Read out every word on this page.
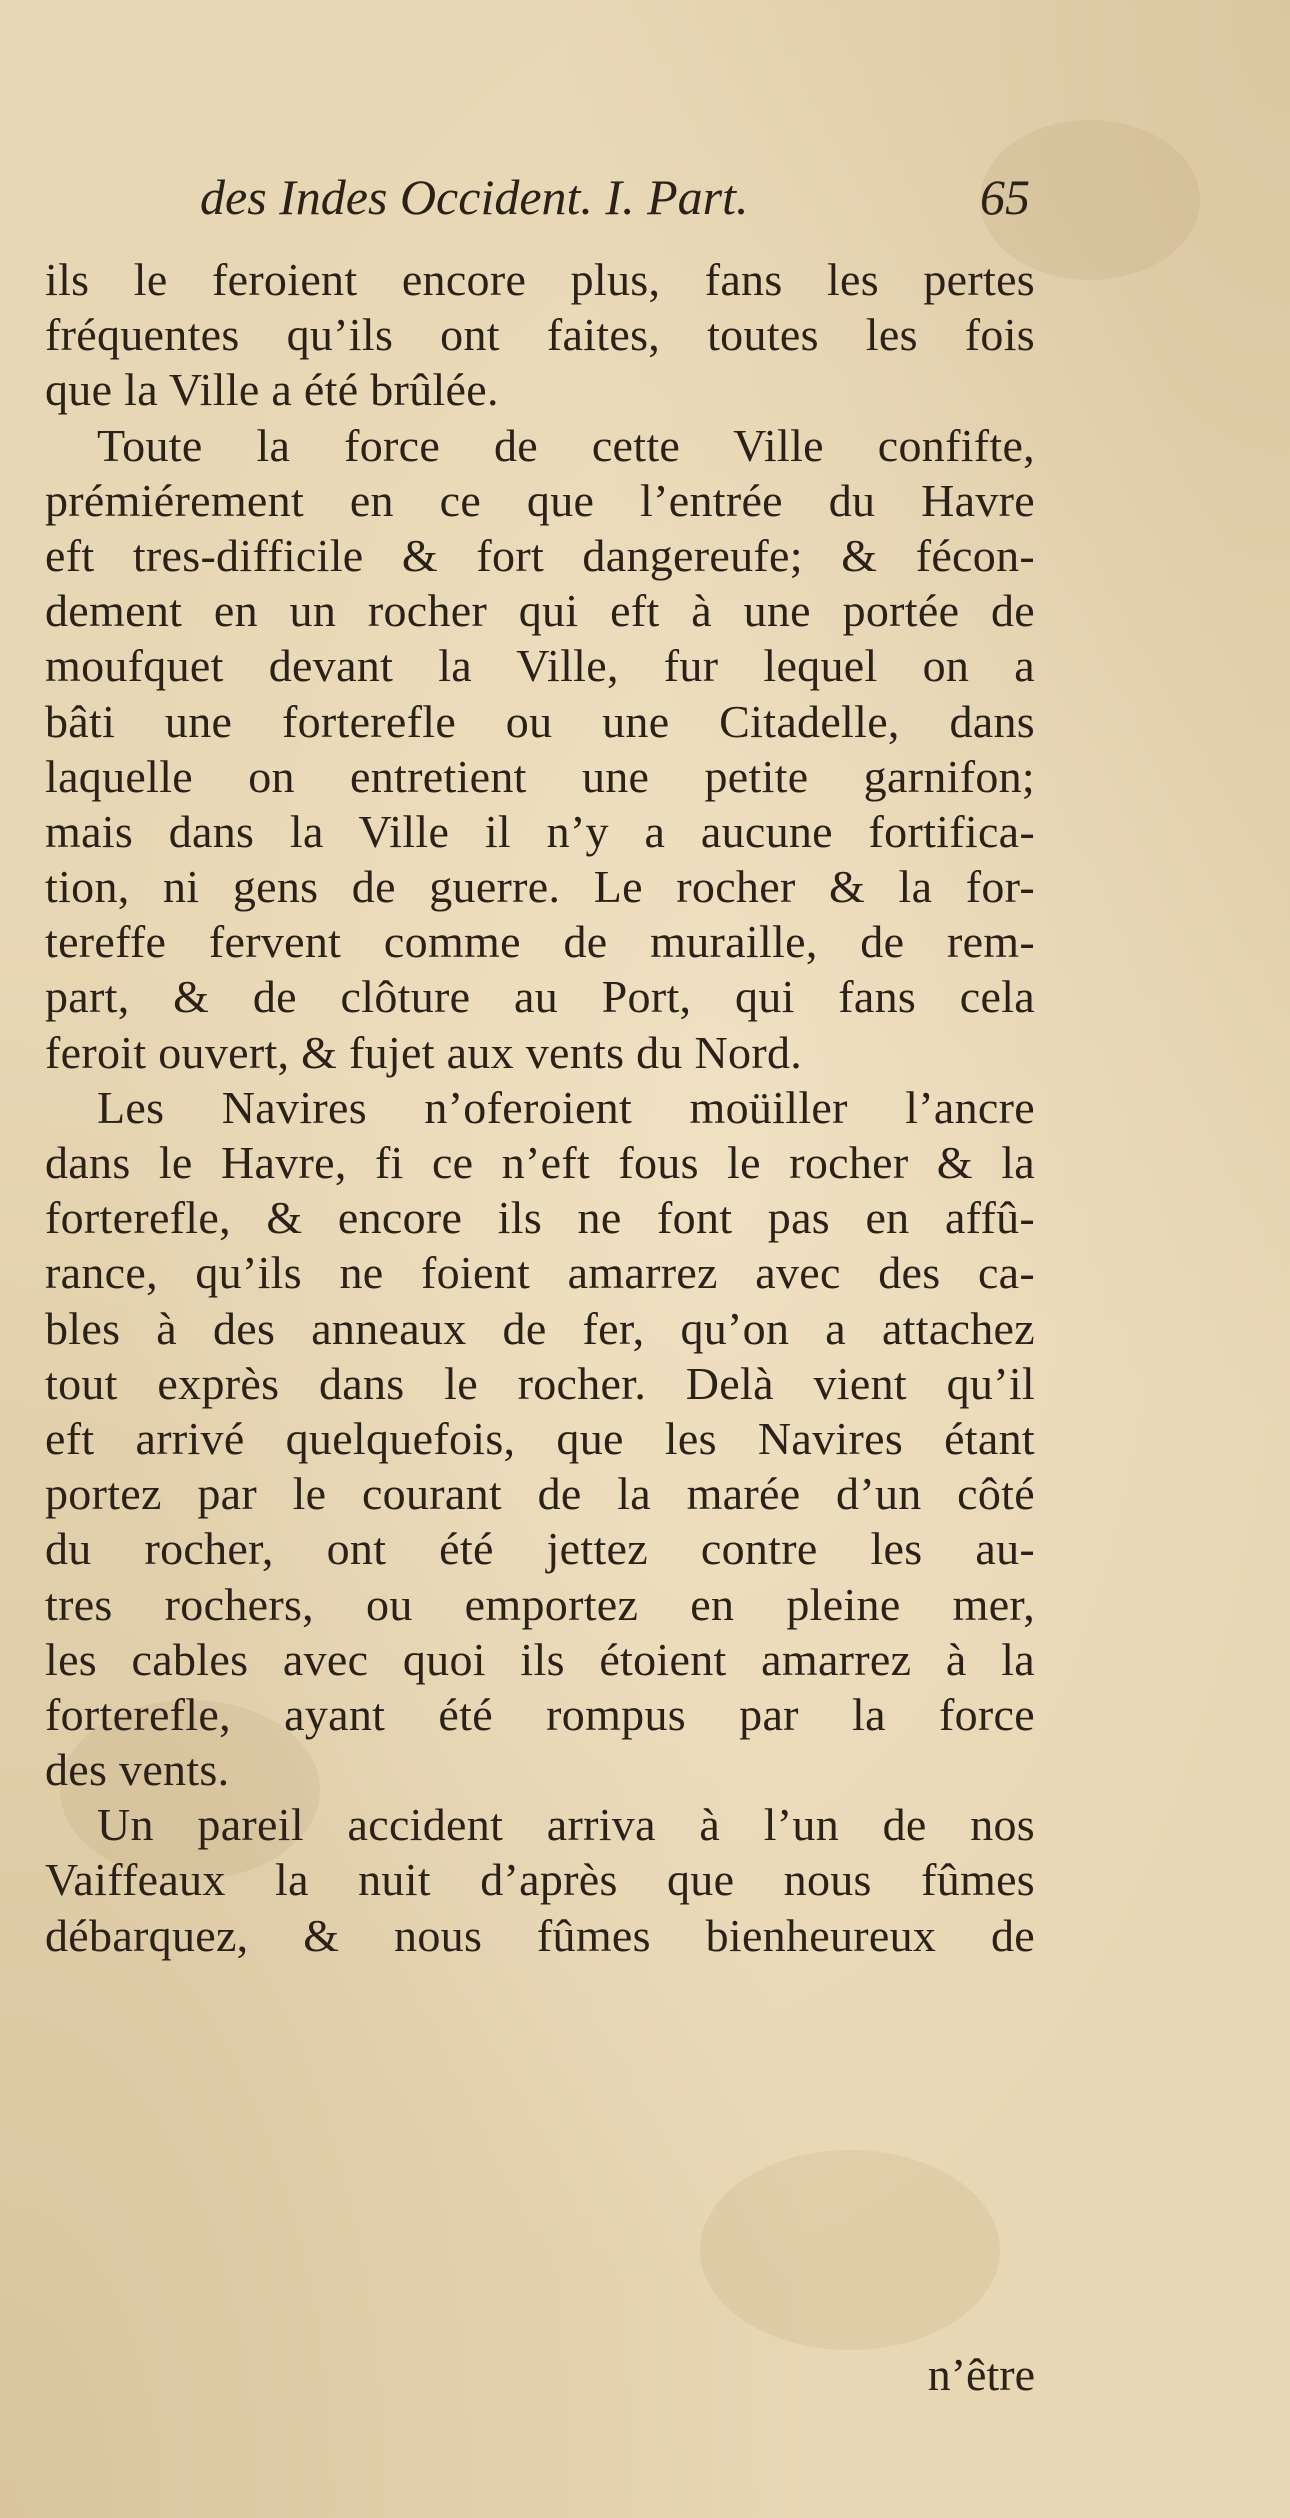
des Indes Occident. I. Part.	65
ils le feroient encore plus, fans les pertes
fréquentes qu’ils ont faites, toutes les fois
que la Ville a été brûlée.
Toute la force de cette Ville confifte,
prémiérement en ce que l’entrée du Havre
eft tres-difficile & fort dangereufe; & fécon-
dement en un rocher qui eft à une portée de
moufquet devant la Ville, fur lequel on a
bâti une forterefle ou une Citadelle, dans
laquelle on entretient une petite garnifon;
mais dans la Ville il n’y a aucune fortifica-
tion, ni gens de guerre. Le rocher & la for-
tereffe fervent comme de muraille, de rem-
part, & de clôture au Port, qui fans cela
feroit ouvert, & fujet aux vents du Nord.
Les Navires n’oferoient moüiller l’ancre
dans le Havre, fi ce n’eft fous le rocher & la
forterefle, & encore ils ne font pas en affû-
rance, qu’ils ne foient amarrez avec des ca-
bles à des anneaux de fer, qu’on a attachez
tout exprès dans le rocher. Delà vient qu’il
eft arrivé quelquefois, que les Navires étant
portez par le courant de la marée d’un côté
du rocher, ont été jettez contre les au-
tres rochers, ou emportez en pleine mer,
les cables avec quoi ils étoient amarrez à la
forterefle, ayant été rompus par la force
des vents.
Un pareil accident arriva à l’un de nos
Vaiffeaux la nuit d’après que nous fûmes
débarquez, & nous fûmes bienheureux de
n’être
